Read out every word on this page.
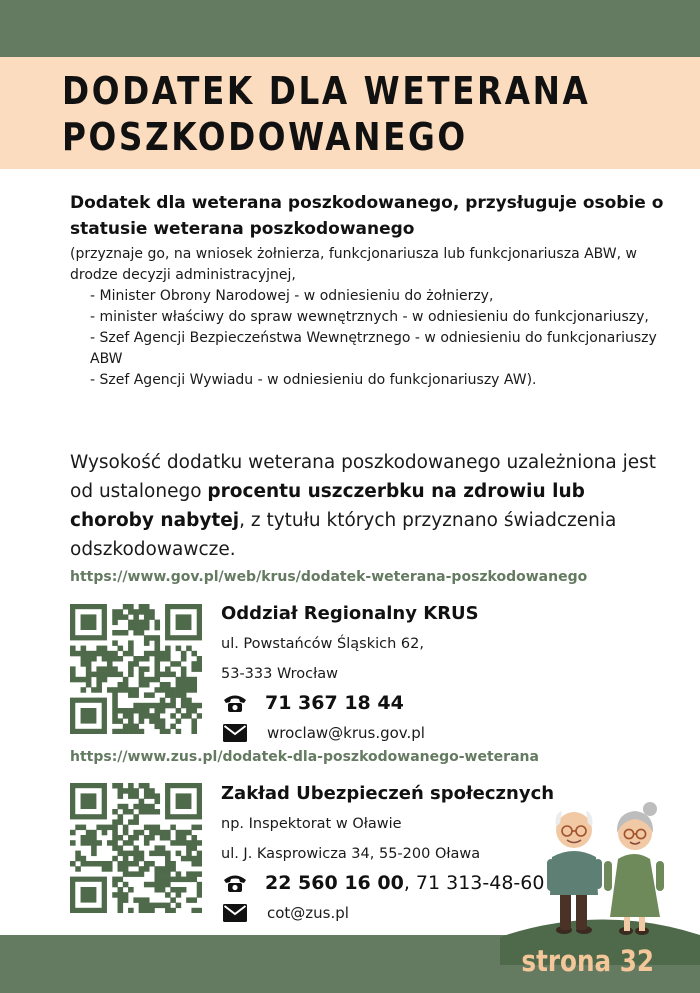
DODATEK DLA WETERANA POSZKODOWANEGO

Dodatek dla weterana poszkodowanego, przysługuje osobie o statusie weterana poszkodowanego

(przyznaje go, na wniosek żołnierza, funkcjonariusza lub funkcjonariusza ABW, w drodze decyzji administracyjnej,

- Minister Obrony Narodowej - w odniesieniu do żołnierzy,
- minister właściwy do spraw wewnętrznych - w odniesieniu do funkcjonariuszy,
- Szef Agencji Bezpieczeństwa Wewnętrznego - w odniesieniu do funkcjonariuszy ABW
- Szef Agencji Wywiadu - w odniesieniu do funkcjonariuszy AW).

Wysokość dodatku weterana poszkodowanego uzależniona jest od ustalonego procentu uszczerbku na zdrowiu lub choroby nabytej, z tytułu których przyznano świadczenia odszkodowawcze.

https://www.gov.pl/web/krus/dodatek-weterana-poszkodowanego
Oddział Regionalny KRUS
ul. Powstańców Śląskich 62,
53-333 Wrocław
71 367 18 44
wroclaw@krus.gov.pl
https://www.zus.pl/dodatek-dla-poszkodowanego-weterana
Zakład Ubezpieczeń społecznych
np. Inspektorat w Oławie
ul. J. Kasprowicza 34, 55-200 Oława
22 560 16 00 , 71 313-48-60
cot@zus.pl
strona 32
